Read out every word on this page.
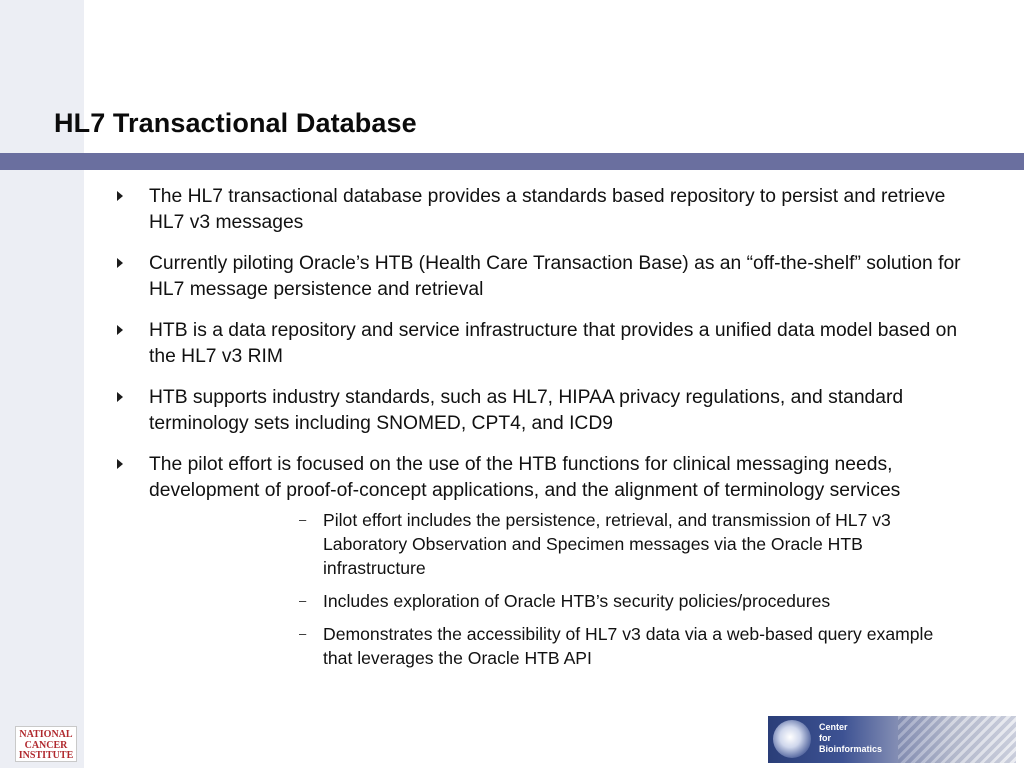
HL7 Transactional Database
The HL7 transactional database provides a standards based repository to persist and retrieve HL7 v3 messages
Currently piloting Oracle’s HTB (Health Care Transaction Base) as an “off-the-shelf” solution for HL7 message persistence and retrieval
HTB is a data repository and service infrastructure that provides a unified data model based on the HL7 v3 RIM
HTB supports industry standards, such as HL7, HIPAA privacy regulations, and standard terminology sets including SNOMED, CPT4, and ICD9
The pilot effort is focused on the use of the HTB functions for clinical messaging needs, development of proof-of-concept applications, and the alignment of terminology services
– Pilot effort includes the persistence, retrieval, and transmission of HL7 v3 Laboratory Observation and Specimen messages via the Oracle HTB infrastructure
– Includes exploration of Oracle HTB’s security policies/procedures
– Demonstrates the accessibility of HL7 v3 data via a web-based query example that leverages the Oracle HTB API
NATIONAL
CANCER
INSTITUTE
Center
for
Bioinformatics
